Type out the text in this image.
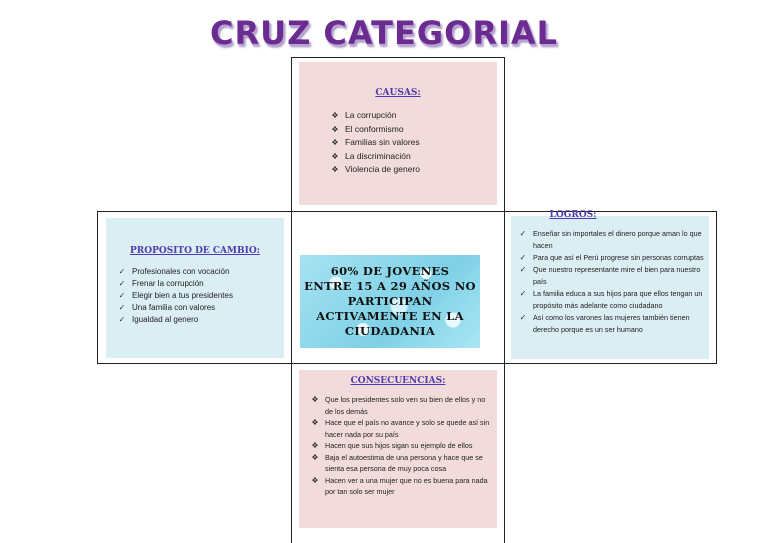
CRUZ CATEGORIAL
CAUSAS:
❖ La corrupción
❖ El conformismo
❖ Familias sin valores
❖ La discriminación
❖ Violencia de genero
PROPOSITO DE CAMBIO:
✓ Profesionales con vocación
✓ Frenar la corrupción
✓ Elegir bien a tus presidentes
✓ Una familia con valores
✓ Igualdad al genero
60% DE JOVENES
ENTRE 15 A 29 AÑOS NO
PARTICIPAN
ACTIVAMENTE EN LA
CIUDADANIA
LOGROS:
✓ Enseñar sin importales el dinero porque aman lo que hacen
✓ Para que así el Perú progrese sin personas corruptas
✓ Que nuestro representante mire el bien para nuestro país
✓ La familia educa a sus hijos para que ellos tengan un propósito más adelante como ciudadano
✓ Así como los varones las mujeres también tienen derecho porque es un ser humano
CONSECUENCIAS:
❖ Que los presidentes solo ven su bien de ellos y no de los demás
❖ Hace que el país no avance y solo se quede así sin hacer nada por su país
❖ Hacen que sus hijos sigan su ejemplo de ellos
❖ Baja el autoestima de una persona y hace que se sienta esa persona de muy poca cosa
❖ Hacen ver a una mujer que no es buena para nada por tan solo ser mujer
